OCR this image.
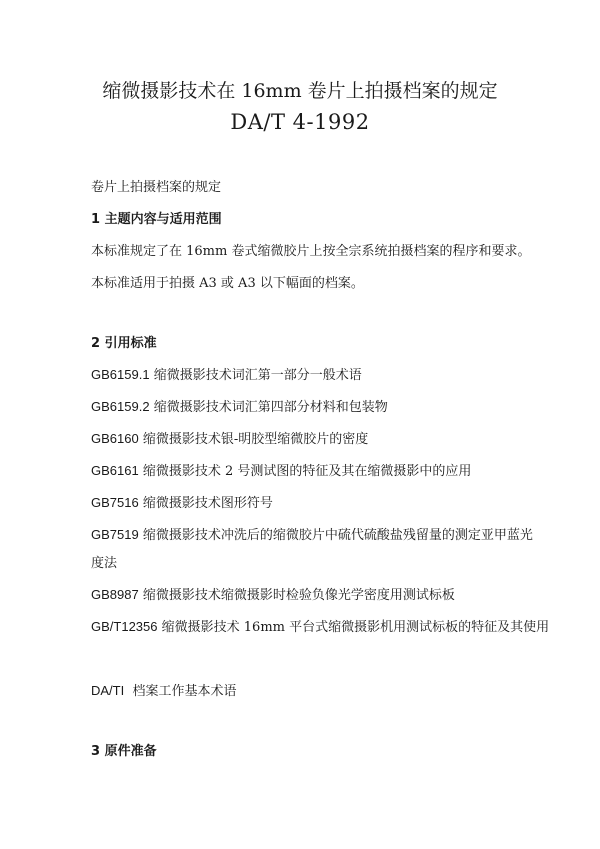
缩微摄影技术在 16mm 卷片上拍摄档案的规定
DA/T 4-1992
卷片上拍摄档案的规定
1 主题内容与适用范围
本标准规定了在 16mm 卷式缩微胶片上按全宗系统拍摄档案的程序和要求。
本标准适用于拍摄 A3 或 A3 以下幅面的档案。
2 引用标准
GB6159.1 缩微摄影技术词汇第一部分一般术语
GB6159.2 缩微摄影技术词汇第四部分材料和包装物
GB6160 缩微摄影技术银-明胶型缩微胶片的密度
GB6161 缩微摄影技术 2 号测试图的特征及其在缩微摄影中的应用
GB7516 缩微摄影技术图形符号
GB7519 缩微摄影技术冲洗后的缩微胶片中硫代硫酸盐残留量的测定亚甲蓝光
度法
GB8987 缩微摄影技术缩微摄影时检验负像光学密度用测试标板
GB/T12356 缩微摄影技术 16mm 平台式缩微摄影机用测试标板的特征及其使用
DA/TI 档案工作基本术语
3 原件准备
